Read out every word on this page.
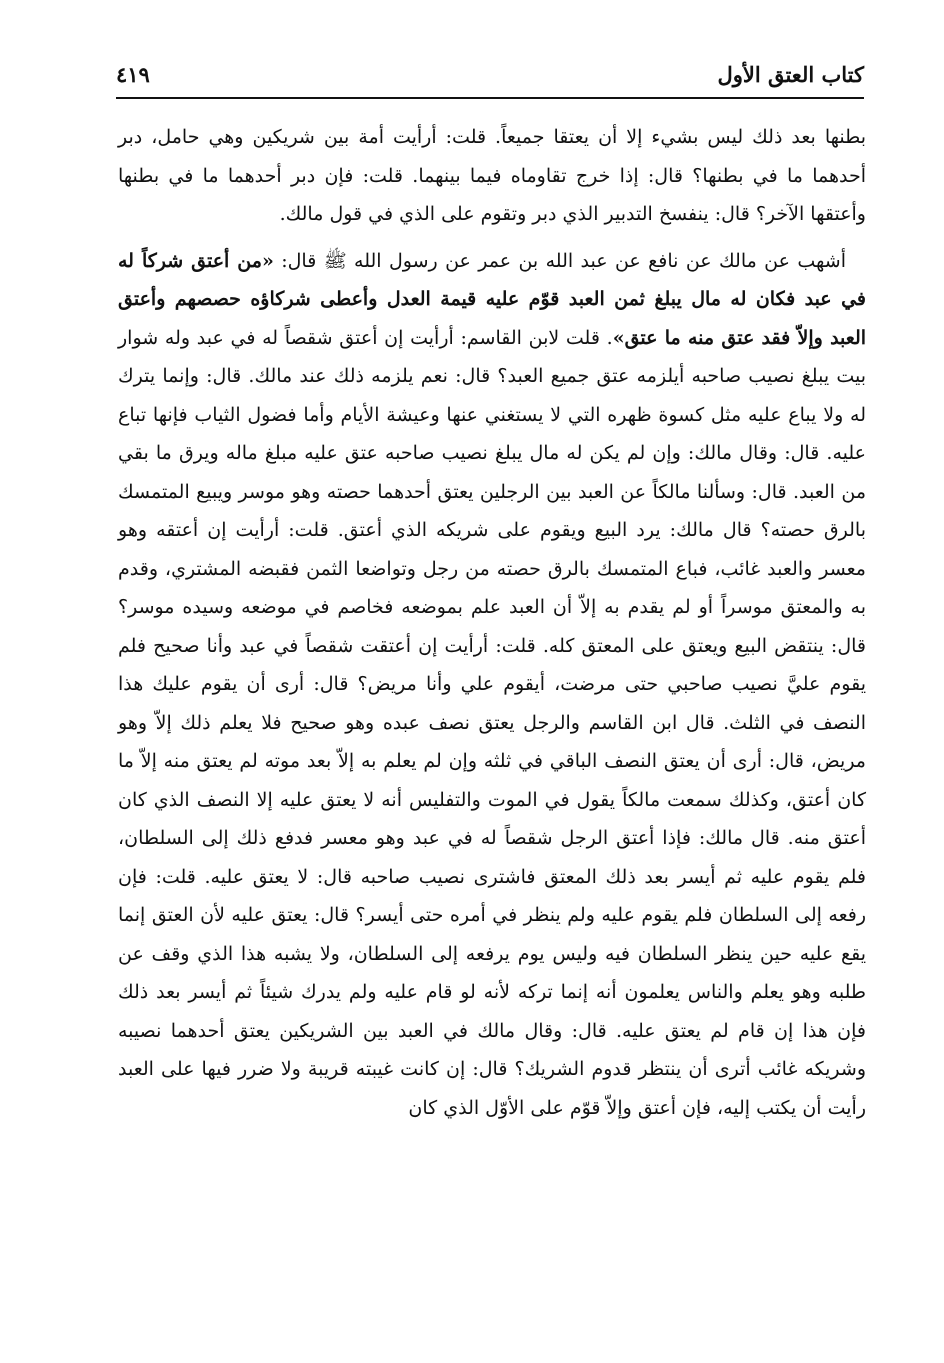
كتاب العتق الأول
٤١٩

بطنها بعد ذلك ليس بشيء إلا أن يعتقا جميعاً. قلت: أرأيت أمة بين شريكين وهي حامل، دبر أحدهما ما في بطنها؟ قال: إذا خرج تقاوماه فيما بينهما. قلت: فإن دبر أحدهما ما في بطنها وأعتقها الآخر؟ قال: ينفسخ التدبير الذي دبر وتقوم على الذي في قول مالك.

أشهب عن مالك عن نافع عن عبد الله بن عمر عن رسول الله ﷺ قال: «من أعتق شركاً له في عبد فكان له مال يبلغ ثمن العبد قوّم عليه قيمة العدل وأعطى شركاؤه حصصهم وأعتق العبد وإلاّ فقد عتق منه ما عتق». قلت لابن القاسم: أرأيت إن أعتق شقصاً له في عبد وله شوار بيت يبلغ نصيب صاحبه أيلزمه عتق جميع العبد؟ قال: نعم يلزمه ذلك عند مالك. قال: وإنما يترك له ولا يباع عليه مثل كسوة ظهره التي لا يستغني عنها وعيشة الأيام وأما فضول الثياب فإنها تباع عليه. قال: وقال مالك: وإن لم يكن له مال يبلغ نصيب صاحبه عتق عليه مبلغ ماله ويرق ما بقي من العبد. قال: وسألنا مالكاً عن العبد بين الرجلين يعتق أحدهما حصته وهو موسر ويبيع المتمسك بالرق حصته؟ قال مالك: يرد البيع ويقوم على شريكه الذي أعتق. قلت: أرأيت إن أعتقه وهو معسر والعبد غائب، فباع المتمسك بالرق حصته من رجل وتواضعا الثمن فقبضه المشتري، وقدم به والمعتق موسراً أو لم يقدم به إلاّ أن العبد علم بموضعه فخاصم في موضعه وسيده موسر؟ قال: ينتقض البيع ويعتق على المعتق كله. قلت: أرأيت إن أعتقت شقصاً في عبد وأنا صحيح فلم يقوم عليَّ نصيب صاحبي حتى مرضت، أيقوم علي وأنا مريض؟ قال: أرى أن يقوم عليك هذا النصف في الثلث. قال ابن القاسم والرجل يعتق نصف عبده وهو صحيح فلا يعلم ذلك إلاّ وهو مريض، قال: أرى أن يعتق النصف الباقي في ثلثه وإن لم يعلم به إلاّ بعد موته لم يعتق منه إلاّ ما كان أعتق، وكذلك سمعت مالكاً يقول في الموت والتفليس أنه لا يعتق عليه إلا النصف الذي كان أعتق منه. قال مالك: فإذا أعتق الرجل شقصاً له في عبد وهو معسر فدفع ذلك إلى السلطان، فلم يقوم عليه ثم أيسر بعد ذلك المعتق فاشترى نصيب صاحبه قال: لا يعتق عليه. قلت: فإن رفعه إلى السلطان فلم يقوم عليه ولم ينظر في أمره حتى أيسر؟ قال: يعتق عليه لأن العتق إنما يقع عليه حين ينظر السلطان فيه وليس يوم يرفعه إلى السلطان، ولا يشبه هذا الذي وقف عن طلبه وهو يعلم والناس يعلمون أنه إنما تركه لأنه لو قام عليه ولم يدرك شيئاً ثم أيسر بعد ذلك فإن هذا إن قام لم يعتق عليه. قال: وقال مالك في العبد بين الشريكين يعتق أحدهما نصيبه وشريكه غائب أترى أن ينتظر قدوم الشريك؟ قال: إن كانت غيبته قريبة ولا ضرر فيها على العبد رأيت أن يكتب إليه، فإن أعتق وإلاّ قوّم على الأوّل الذي كان
